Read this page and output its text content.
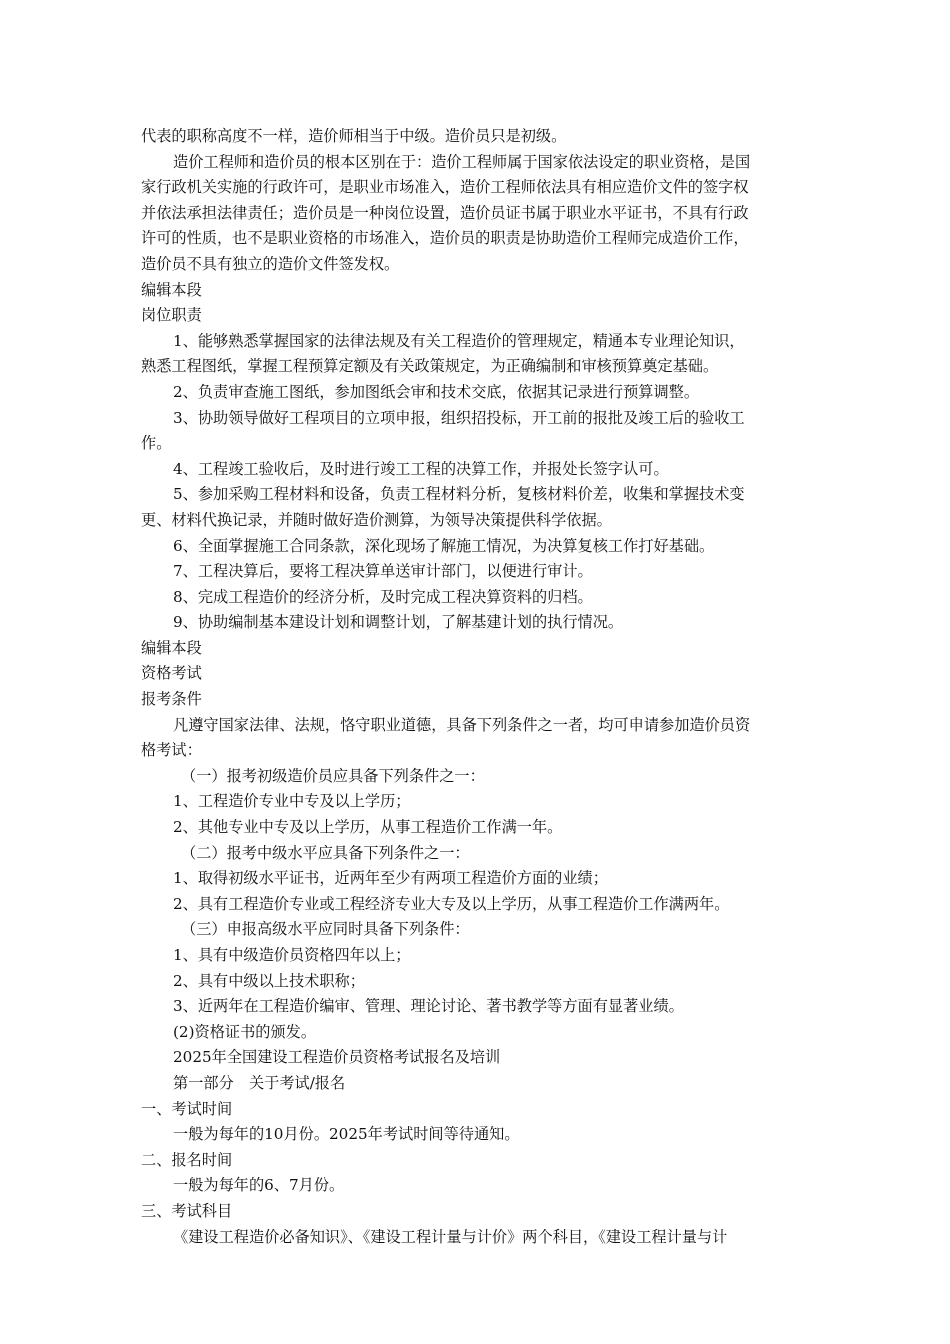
代表的职称高度不一样，造价师相当于中级。造价员只是初级。
造价工程师和造价员的根本区别在于：造价工程师属于国家依法设定的职业资格，是国
家行政机关实施的行政许可，是职业市场准入，造价工程师依法具有相应造价文件的签字权
并依法承担法律责任；造价员是一种岗位设置，造价员证书属于职业水平证书，不具有行政
许可的性质，也不是职业资格的市场准入，造价员的职责是协助造价工程师完成造价工作，
造价员不具有独立的造价文件签发权。
编辑本段
岗位职责
1、能够熟悉掌握国家的法律法规及有关工程造价的管理规定，精通本专业理论知识，
熟悉工程图纸，掌握工程预算定额及有关政策规定，为正确编制和审核预算奠定基础。
2、负责审查施工图纸，参加图纸会审和技术交底，依据其记录进行预算调整。
3、协助领导做好工程项目的立项申报，组织招投标，开工前的报批及竣工后的验收工
作。
4、工程竣工验收后，及时进行竣工工程的决算工作，并报处长签字认可。
5、参加采购工程材料和设备，负责工程材料分析，复核材料价差，收集和掌握技术变
更、材料代换记录，并随时做好造价测算，为领导决策提供科学依据。
6、全面掌握施工合同条款，深化现场了解施工情况，为决算复核工作打好基础。
7、工程决算后，要将工程决算单送审计部门，以便进行审计。
8、完成工程造价的经济分析，及时完成工程决算资料的归档。
9、协助编制基本建设计划和调整计划，了解基建计划的执行情况。
编辑本段
资格考试
报考条件
凡遵守国家法律、法规，恪守职业道德，具备下列条件之一者，均可申请参加造价员资
格考试：
（一）报考初级造价员应具备下列条件之一：
1、工程造价专业中专及以上学历；
2、其他专业中专及以上学历，从事工程造价工作满一年。
（二）报考中级水平应具备下列条件之一：
1、取得初级水平证书，近两年至少有两项工程造价方面的业绩；
2、具有工程造价专业或工程经济专业大专及以上学历，从事工程造价工作满两年。
（三）申报高级水平应同时具备下列条件：
1、具有中级造价员资格四年以上；
2、具有中级以上技术职称；
3、近两年在工程造价编审、管理、理论讨论、著书教学等方面有显著业绩。
(2)资格证书的颁发。
2025年全国建设工程造价员资格考试报名及培训
第一部分　关于考试/报名
一、考试时间
一般为每年的10月份。2025年考试时间等待通知。
二、报名时间
一般为每年的6、7月份。
三、考试科目
《建设工程造价必备知识》、《建设工程计量与计价》两个科目，《建设工程计量与计
